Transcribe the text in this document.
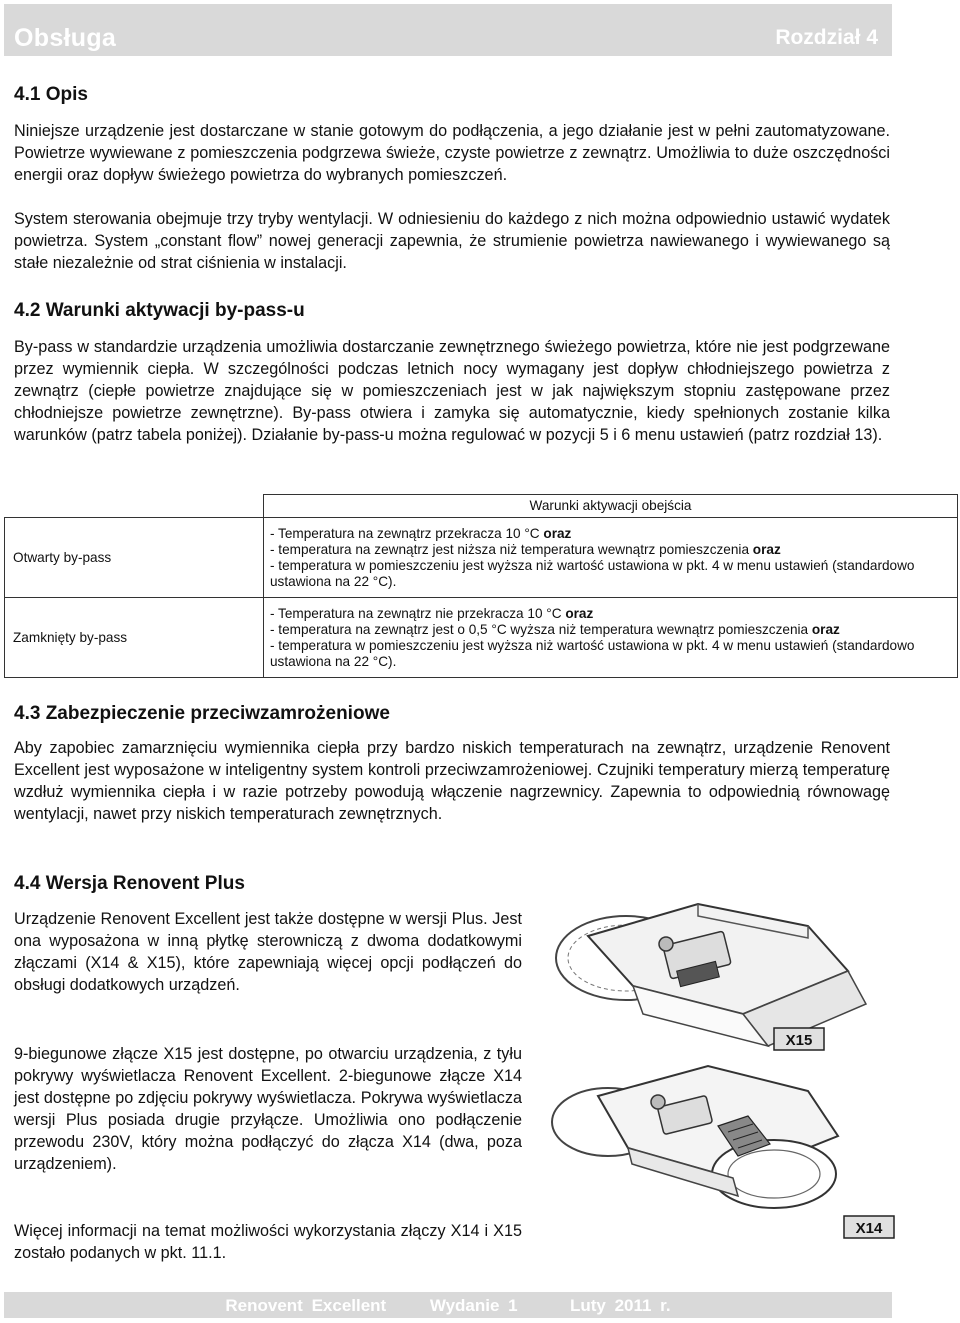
Obsługa	Rozdział 4
4.1 Opis

Niniejsze urządzenie jest dostarczane w stanie gotowym do podłączenia, a jego działanie jest w pełni zautomatyzowane. Powietrze wywiewane z pomieszczenia podgrzewa świeże, czyste powietrze z zewnątrz. Umożliwia to duże oszczędności energii oraz dopływ świeżego powietrza do wybranych pomieszczeń.

System sterowania obejmuje trzy tryby wentylacji. W odniesieniu do każdego z nich można odpowiednio ustawić wydatek powietrza. System „constant flow” nowej generacji zapewnia, że strumienie powietrza nawiewanego i wywiewanego są stałe niezależnie od strat ciśnienia w instalacji.

4.2 Warunki aktywacji by-pass-u

By-pass w standardzie urządzenia umożliwia dostarczanie zewnętrznego świeżego powietrza, które nie jest podgrzewane przez wymiennik ciepła. W szczególności podczas letnich nocy wymagany jest dopływ chłodniejszego powietrza z zewnątrz (ciepłe powietrze znajdujące się w pomieszczeniach jest w jak największym stopniu zastępowane przez chłodniejsze powietrze zewnętrzne). By-pass otwiera i zamyka się automatycznie, kiedy spełnionych zostanie kilka warunków (patrz tabela poniżej). Działanie by-pass-u można regulować w pozycji 5 i 6 menu ustawień (patrz rozdział 13).

	Warunki aktywacji obejścia
Otwarty by-pass	- Temperatura na zewnątrz przekracza 10 °C oraz
- temperatura na zewnątrz jest niższa niż temperatura wewnątrz pomieszczenia oraz
- temperatura w pomieszczeniu jest wyższa niż wartość ustawiona w pkt. 4 w menu ustawień (standardowo ustawiona na 22 °C).

Zamknięty by-pass	- Temperatura na zewnątrz nie przekracza 10 °C oraz
- temperatura na zewnątrz jest o 0,5 °C wyższa niż temperatura wewnątrz pomieszczenia oraz
- temperatura w pomieszczeniu jest wyższa niż wartość ustawiona w pkt. 4 w menu ustawień (standardowo ustawiona na 22 °C).
4.3 Zabezpieczenie przeciwzamrożeniowe

Aby zapobiec zamarznięciu wymiennika ciepła przy bardzo niskich temperaturach na zewnątrz, urządzenie Renovent Excellent jest wyposażone w inteligentny system kontroli przeciwzamrożeniowej. Czujniki temperatury mierzą temperaturę wzdłuż wymiennika ciepła i w razie potrzeby powodują włączenie nagrzewnicy. Zapewnia to odpowiednią równowagę wentylacji, nawet przy niskich temperaturach zewnętrznych.

4.4 Wersja Renovent Plus

Urządzenie Renovent Excellent jest także dostępne w wersji Plus. Jest ona wyposażona w inną płytkę sterowniczą z dwoma dodatkowymi złączami (X14 & X15), które zapewniają więcej opcji podłączeń do obsługi dodatkowych urządzeń.

9-biegunowe złącze X15 jest dostępne, po otwarciu urządzenia, z tyłu pokrywy wyświetlacza Renovent Excellent. 2-biegunowe złącze X14 jest dostępne po zdjęciu pokrywy wyświetlacza. Pokrywa wyświetlacza wersji Plus posiada drugie przyłącze. Umożliwia ono podłączenie przewodu 230V, który można podłączyć do złącza X14 (dwa, poza urządzeniem).

Więcej informacji na temat możliwości wykorzystania złączy X14 i X15 zostało podanych w pkt. 11.1.

X15
X14
Renovent Excellent	Wydanie 1	Luty 2011 r.
